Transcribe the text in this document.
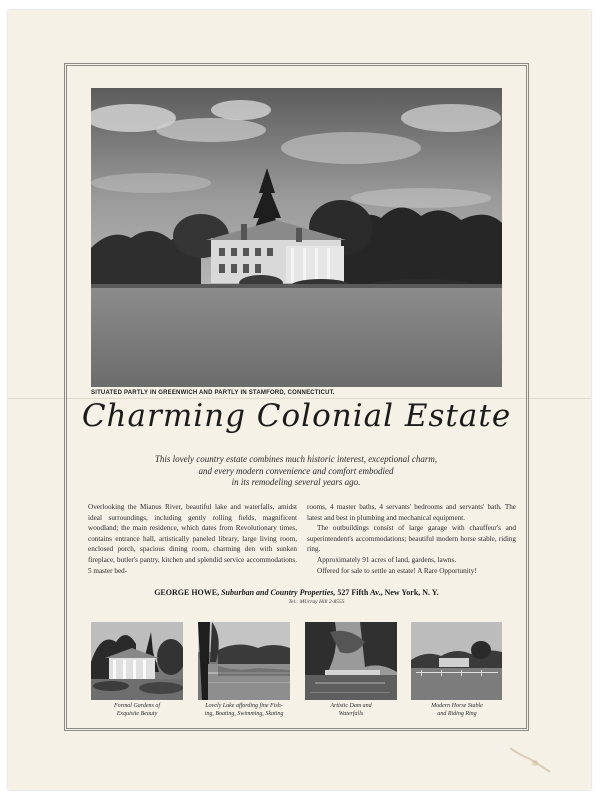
SITUATED PARTLY IN GREENWICH AND PARTLY IN STAMFORD, CONNECTICUT.
Charming Colonial Estate
This lovely country estate combines much historic interest, exceptional charm,
and every modern convenience and comfort embodied
in its remodeling several years ago.
Overlooking the Mianus River, beautiful lake and waterfalls, amidst ideal surroundings, including gently rolling fields, magnificent woodland; the main residence, which dates from Revolutionary times, contains entrance hall, artistically paneled library, large living room, enclosed porch, spacious dining room, charming den with sunken fireplace, butler's pantry, kitchen and splendid service accommodations. 5 master bed-

rooms, 4 master baths, 4 servants' bedrooms and servants' bath. The latest and best in plumbing and mechanical equipment.

The outbuildings consist of large garage with chauffeur's and superintendent's accommodations; beautiful modern horse stable, riding ring.

Approximately 91 acres of land, gardens, lawns.

Offered for sale to settle an estate! A Rare Opportunity!

GEORGE HOWE, Suburban and Country Properties, 527 Fifth Av., New York, N. Y.
Tel.: MUrray Hill 2-8555
Formal Gardens of
Exquisite Beauty
Lovely Lake affording fine Fish-
ing, Boating, Swimming, Skating
Artistic Dam and
Waterfalls
Modern Horse Stable
and Riding Ring
